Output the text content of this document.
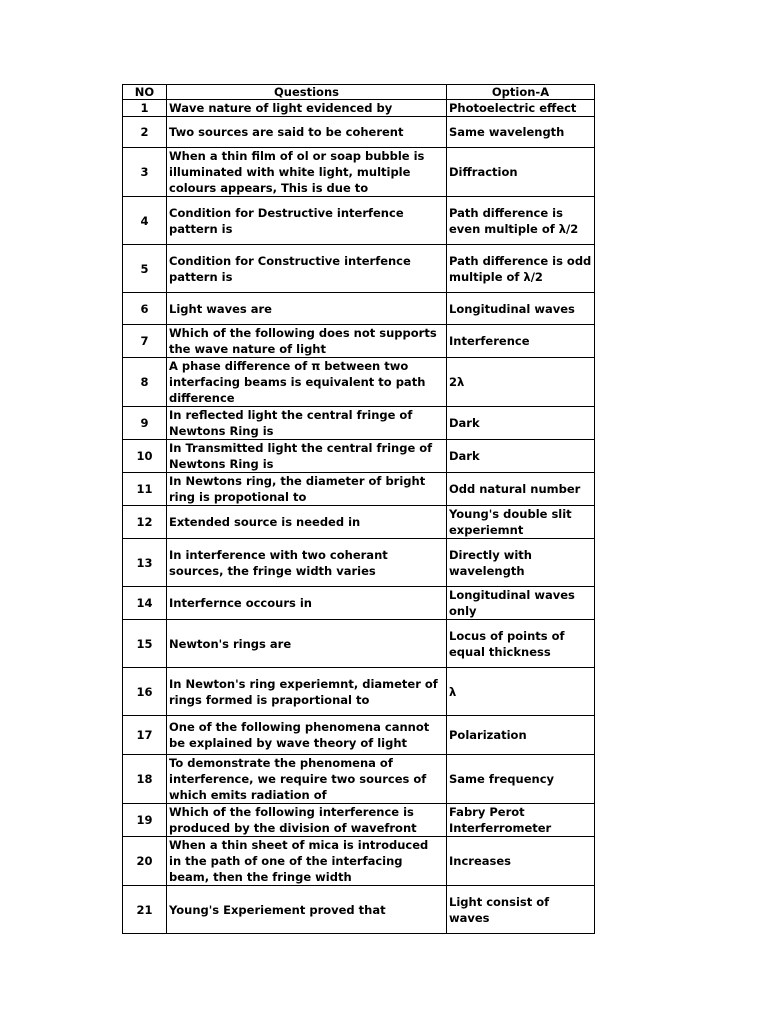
NO	Questions	Option-A
1	Wave nature of light evidenced by	Photoelectric effect
2	Two sources are said to be coherent	Same wavelength
3	When a thin film of ol or soap bubble is illuminated with white light, multiple colours appears, This is due to	Diffraction
4	Condition for Destructive interfence pattern is	Path difference is even multiple of λ/2
5	Condition for Constructive interfence pattern is	Path difference is odd multiple of λ/2
6	Light waves are	Longitudinal waves
7	Which of the following does not supports the wave nature of light	Interference
8	A phase difference of π between two interfacing beams is equivalent to path difference	2λ
9	In reflected light the central fringe of Newtons Ring is	Dark
10	In Transmitted light the central fringe of Newtons Ring is	Dark
11	In Newtons ring, the diameter of bright ring is propotional to	Odd natural number
12	Extended source is needed in	Young's double slit experiemnt
13	In interference with two coherant sources, the fringe width varies	Directly with wavelength
14	Interfernce occours in	Longitudinal waves only
15	Newton's rings are	Locus of points of equal thickness
16	In Newton's ring experiemnt, diameter of rings formed is praportional to	λ
17	One of the following phenomena cannot be explained by wave theory of light	Polarization
18	To demonstrate the phenomena of interference, we require two sources of which emits radiation of	Same frequency
19	Which of the following interference is produced by the division of wavefront	Fabry Perot Interferrometer
20	When a thin sheet of mica is introduced in the path of one of the interfacing beam, then the fringe width	Increases
21	Young's Experiement proved that	Light consist of waves
